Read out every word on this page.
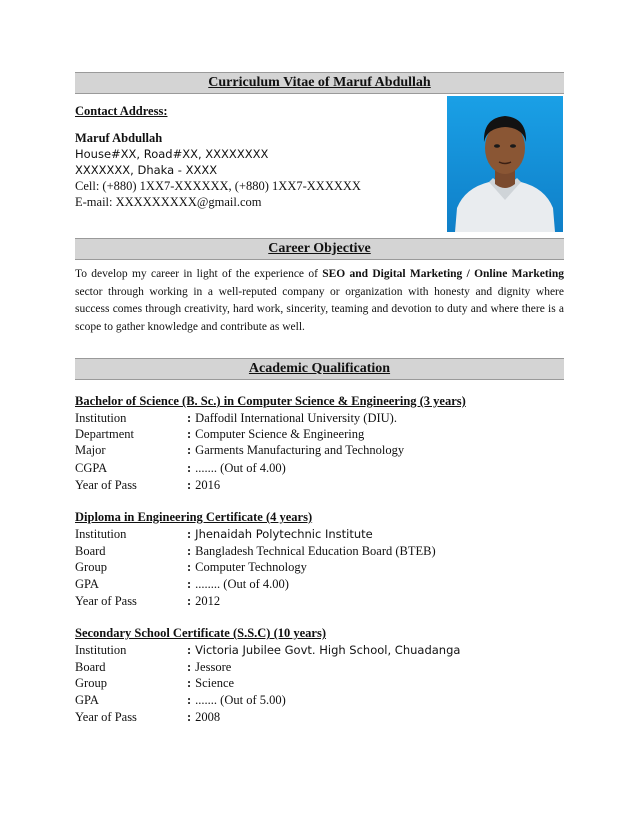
Curriculum Vitae of Maruf Abdullah
Contact Address:
Maruf Abdullah
House#XX, Road#XX, XXXXXXXX
XXXXXXX, Dhaka - XXXX
Cell: (+880) 1XX7-XXXXXX, (+880) 1XX7-XXXXXX
E-mail: XXXXXXXXX@gmail.com
Career Objective
To develop my career in light of the experience of SEO and Digital Marketing / Online Marketing sector through working in a well-reputed company or organization with honesty and dignity where success comes through creativity, hard work, sincerity, teaming and devotion to duty and where there is a scope to gather knowledge and contribute as well.
Academic Qualification
Bachelor of Science (B. Sc.) in Computer Science & Engineering (3 years)
Institution	: Daffodil International University (DIU).
Department	: Computer Science & Engineering
Major	: Garments Manufacturing and Technology
CGPA	: ....... (Out of 4.00)
Year of Pass	: 2016
Diploma in Engineering Certificate (4 years)
Institution	: Jhenaidah Polytechnic Institute
Board	: Bangladesh Technical Education Board (BTEB)
Group	: Computer Technology
GPA	: ........ (Out of 4.00)
Year of Pass	: 2012
Secondary School Certificate (S.S.C) (10 years)
Institution	: Victoria Jubilee Govt. High School, Chuadanga
Board	: Jessore
Group	: Science
GPA	: ....... (Out of 5.00)
Year of Pass	: 2008
